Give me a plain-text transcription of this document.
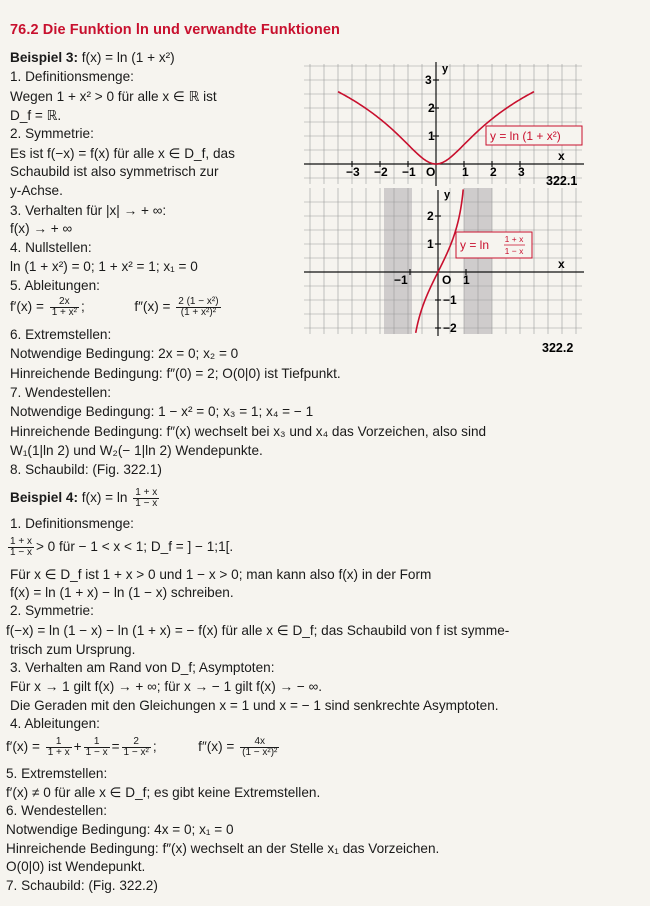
76.2 Die Funktion ln und verwandte Funktionen
Beispiel 3: f(x) = ln (1 + x²)
1. Definitionsmenge:
Wegen 1 + x² > 0 für alle x ∈ ℝ ist
D_f = ℝ.
2. Symmetrie:
Es ist f(−x) = f(x) für alle x ∈ D_f, das
Schaubild ist also symmetrisch zur
y-Achse.
3. Verhalten für |x| → + ∞:
f(x) → + ∞
4. Nullstellen:
ln (1 + x²) = 0; 1 + x² = 1; x₁ = 0
5. Ableitungen:
$f'(x) = \frac{2x}{\text{1 + x²}}$ ;	$f''(x) = \frac{\text{2 (1 − x²)}}{\text{(1 + x²)²}}$
6. Extremstellen:
Notwendige Bedingung: 2x = 0; x₂ = 0
Hinreichende Bedingung: f″(0) = 2; O(0|0) ist Tiefpunkt.
7. Wendestellen:
Notwendige Bedingung: 1 − x² = 0; x₃ = 1; x₄ = − 1
Hinreichende Bedingung: f″(x) wechselt bei x₃ und x₄ das Vorzeichen, also sind
W₁(1|ln 2) und W₂(− 1|ln 2) Wendepunkte.
8. Schaubild: (Fig. 322.1)
Beispiel 4: $f(x) = \ln \frac{1 + x}{1 - x}$
1. Definitionsmenge:
$\frac{1 + x}{1 - x} > 0$ für − 1 < x < 1; D_f = ] − 1;1[.
Für x ∈ D_f ist 1 + x > 0 und 1 − x > 0; man kann also f(x) in der Form
f(x) = ln (1 + x) − ln (1 − x) schreiben.
2. Symmetrie:
f(−x) = ln (1 − x) − ln (1 + x) = − f(x) für alle x ∈ D_f; das Schaubild von f ist symme-
trisch zum Ursprung.
3. Verhalten am Rand von D_f; Asymptoten:
Für x → 1 gilt f(x) → + ∞; für x → − 1 gilt f(x) → − ∞.
Die Geraden mit den Gleichungen x = 1 und x = − 1 sind senkrechte Asymptoten.
4. Ableitungen:
$f'(x) = \frac{1}{1 + x} + \frac{1}{1 - x} = \frac{2}{\text{1 − x²}}$ ;	$f''(x) = \frac{4x}{\text{(1 − x²)²}}$
5. Extremstellen:
f′(x) ≠ 0 für alle x ∈ D_f; es gibt keine Extremstellen.
6. Wendestellen:
Notwendige Bedingung: 4x = 0; x₁ = 0
Hinreichende Bedingung: f″(x) wechselt an der Stelle x₁ das Vorzeichen.
O(0|0) ist Wendepunkt.
7. Schaubild: (Fig. 322.2)
y
x
3
2
1
O
−3 −2 −1	1 2 3
y = ln (1 + x²)
322.1
y
x
2
1
−1
−2
O
−1	1
y = ln 1 + x
1 − x
322.2
